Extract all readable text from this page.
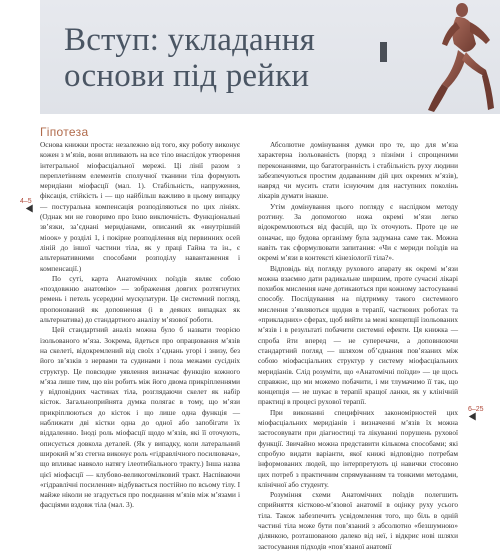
Вступ: укладання
основи під рейки
Гіпотеза
4–5
6–25

Основа книжки проста: незалежно від того, яку роботу виконує кожен з м’язів, вони впливають на все тіло внаслідок утворення інтегральної міофасціальної мережі. Ці лінії разом з переплетінням елементів сполучної тканини тіла формують меридіани міофасції (мал. 1). Стабільність, напруження, фіксація, стійкість і — що найбільш важливо в цьому випадку — постуральна компенсація розподіляються по цих лініях. (Однак ми не говоримо про їхню виключність. Функціональні зв’язки, за’єднані меридіанами, описаний як «внутрішній міоок» у розділі 1, і покірне розподілення від первинних осей ліній до іншої частини тіла, як у праці Гайна та ін., є альтернативними способами розподілу навантаження і компенсації.)

По суті, карта Анатомічних поїздів являє собою «поздовжню анатомію» — зображення довгих розтягнутих ремень і петель усередині мускулатури. Це системний погляд, пропонований як доповнення (і в деяких випадках як альтернатива) до стандартного аналізу м’язової роботи.

Цей стандартний аналіз можна було б назвати теорією ізольованого м’яза. Зокрема, йдеться про опрацювання м’язів на скелеті, відокремлений від своїх з’єднань угорі і знизу, без його зв’язків з нервами та судинами і поза межами сусідніх структур. Це повсюдне уявлення визначає функцію кожного м’яза лише тим, що він робить між його двома прикріпленнями у відповідних частинах тіла, розглядаючи скелет як набір кісток. Загальноприйнята думка полягає в тому, що м’язи прикріплюються до кісток і що лише одна функція — наближати дві кістки одна до одної або запобігати їх віддаленню. Іноді роль міофасції щодо м’язів, які її оточують, описується довкола деталей. (Як у випадку, коли латеральний широкий м’яз стегна виконує роль «гідравлічного посилювача», що впливає навколо натягу ілеотибіального тракту.) Інша назва цієї міофасції — клубово-великогомілковий тракт. Наспіваючи «гідравлічні посилення» відбувається постійно по всьому тілу. І майже ніколи не згадується про поєднання м’язів між м’язами і фасціями вздовж тіла (мал. 3).

Абсолютне домінування думки про те, що для м’яза характерна ізольованість (поряд з пізніми і спрощеними переконаннями, що багатогранність і стабільність руху людини забезпечуються простим додаванням дій цих окремих м’язів), навряд чи мусить стати існуючим для наступних поколінь лікарів думати інакше.

Утім домінування цього погляду є наслідком методу розтину. За допомогою ножа окремі м’язи легко відокремлюються від фасцій, що їх оточують. Проте це не означає, що будова організму була задумана саме так. Можна навіть так сформулювати запитання: «Чи є мериди поїздів на окремі м’язи в контексті кінезіології тіла?».

Відповідь від погляду рухового апарату як окремі м’язи можна взаємно дати радикальне ширшим, проте сучасні лікарі похибок мислення наче дотикаються при кожному застосуванні способу. Послідування на підтримку такого системного мислення з’являються щодня в терапії, часткових роботах та «прикладних» сферах, щоб вийти за межі концепції ізольованих м’язів і в результаті побачити системні ефекти. Ця книжка — спроба йти вперед — не суперечачи, а доповнюючи стандартний погляд — шляхом об’єднання пов’язаних між собою міофасціальних структур у систему міофасціальних меридіанів. Слід розуміти, що «Анатомічні поїзди» — це щось справжнє, що ми можемо побачити, і ми тлумачимо її так, що концепція — не шукає в терапії кращої ланки, як у клінічній практиці в процесі рухової терапії.

При виконанні специфічних закономірностей цих міофасціальних меридіанів і визначенні м’язів їх можна застосовувати при діагностиці та лікуванні порушень рухової функції. Звичайно можна представити кількома способами; які спробую видати варіанти, якої книжі відповідно потребам інформованих людей, що інтерпретують ці навички стосовно цих потреб з практичним спрямуванням та тонкими методами, клінічної або студенту.

Розуміння схеми Анатомічних поїздів полегшить сприйняття кістково-м’язової анатомії в оцінку руху усього тіла. Також забезпечить усвідомлення того, що біль в одній частині тіла може бути пов’язаний з абсолютно «безшумною» ділянкою, розташованою далеко від неї, і відкриє нові шляхи застосування підходів «пов’язаної анатомії
